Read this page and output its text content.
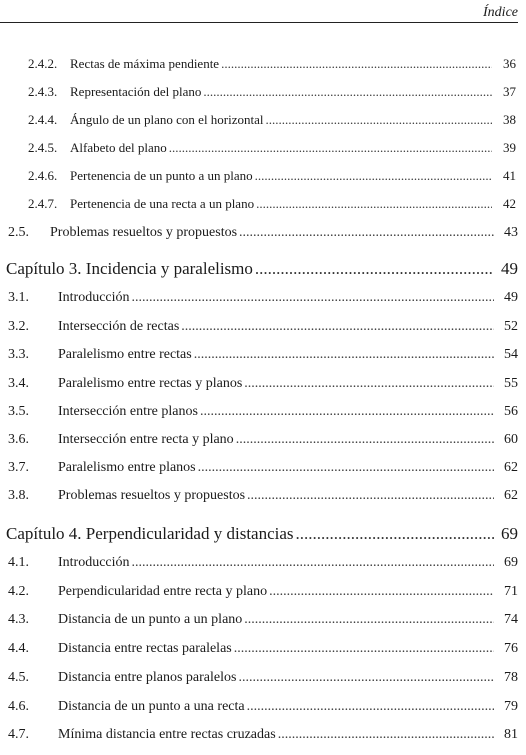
Índice
2.4.2. Rectas de máxima pendiente .....	36
2.4.3. Representación del plano .....	37
2.4.4. Ángulo de un plano con el horizontal .....	38
2.4.5. Alfabeto del plano .....	39
2.4.6. Pertenencia de un punto a un plano .....	41
2.4.7. Pertenencia de una recta a un plano .....	42
2.5.	Problemas resueltos y propuestos .....	43
Capítulo 3. Incidencia y paralelismo .....	49
3.1.	Introducción .....	49
3.2.	Intersección de rectas .....	52
3.3.	Paralelismo entre rectas .....	54
3.4.	Paralelismo entre rectas y planos .....	55
3.5.	Intersección entre planos .....	56
3.6.	Intersección entre recta y plano .....	60
3.7.	Paralelismo entre planos .....	62
3.8.	Problemas resueltos y propuestos .....	62
Capítulo 4. Perpendicularidad y distancias .....	69
4.1.	Introducción .....	69
4.2.	Perpendicularidad entre recta y plano .....	71
4.3.	Distancia de un punto a un plano .....	74
4.4.	Distancia entre rectas paralelas .....	76
4.5.	Distancia entre planos paralelos .....	78
4.6.	Distancia de un punto a una recta .....	79
4.7.	Mínima distancia entre rectas cruzadas .....	81
